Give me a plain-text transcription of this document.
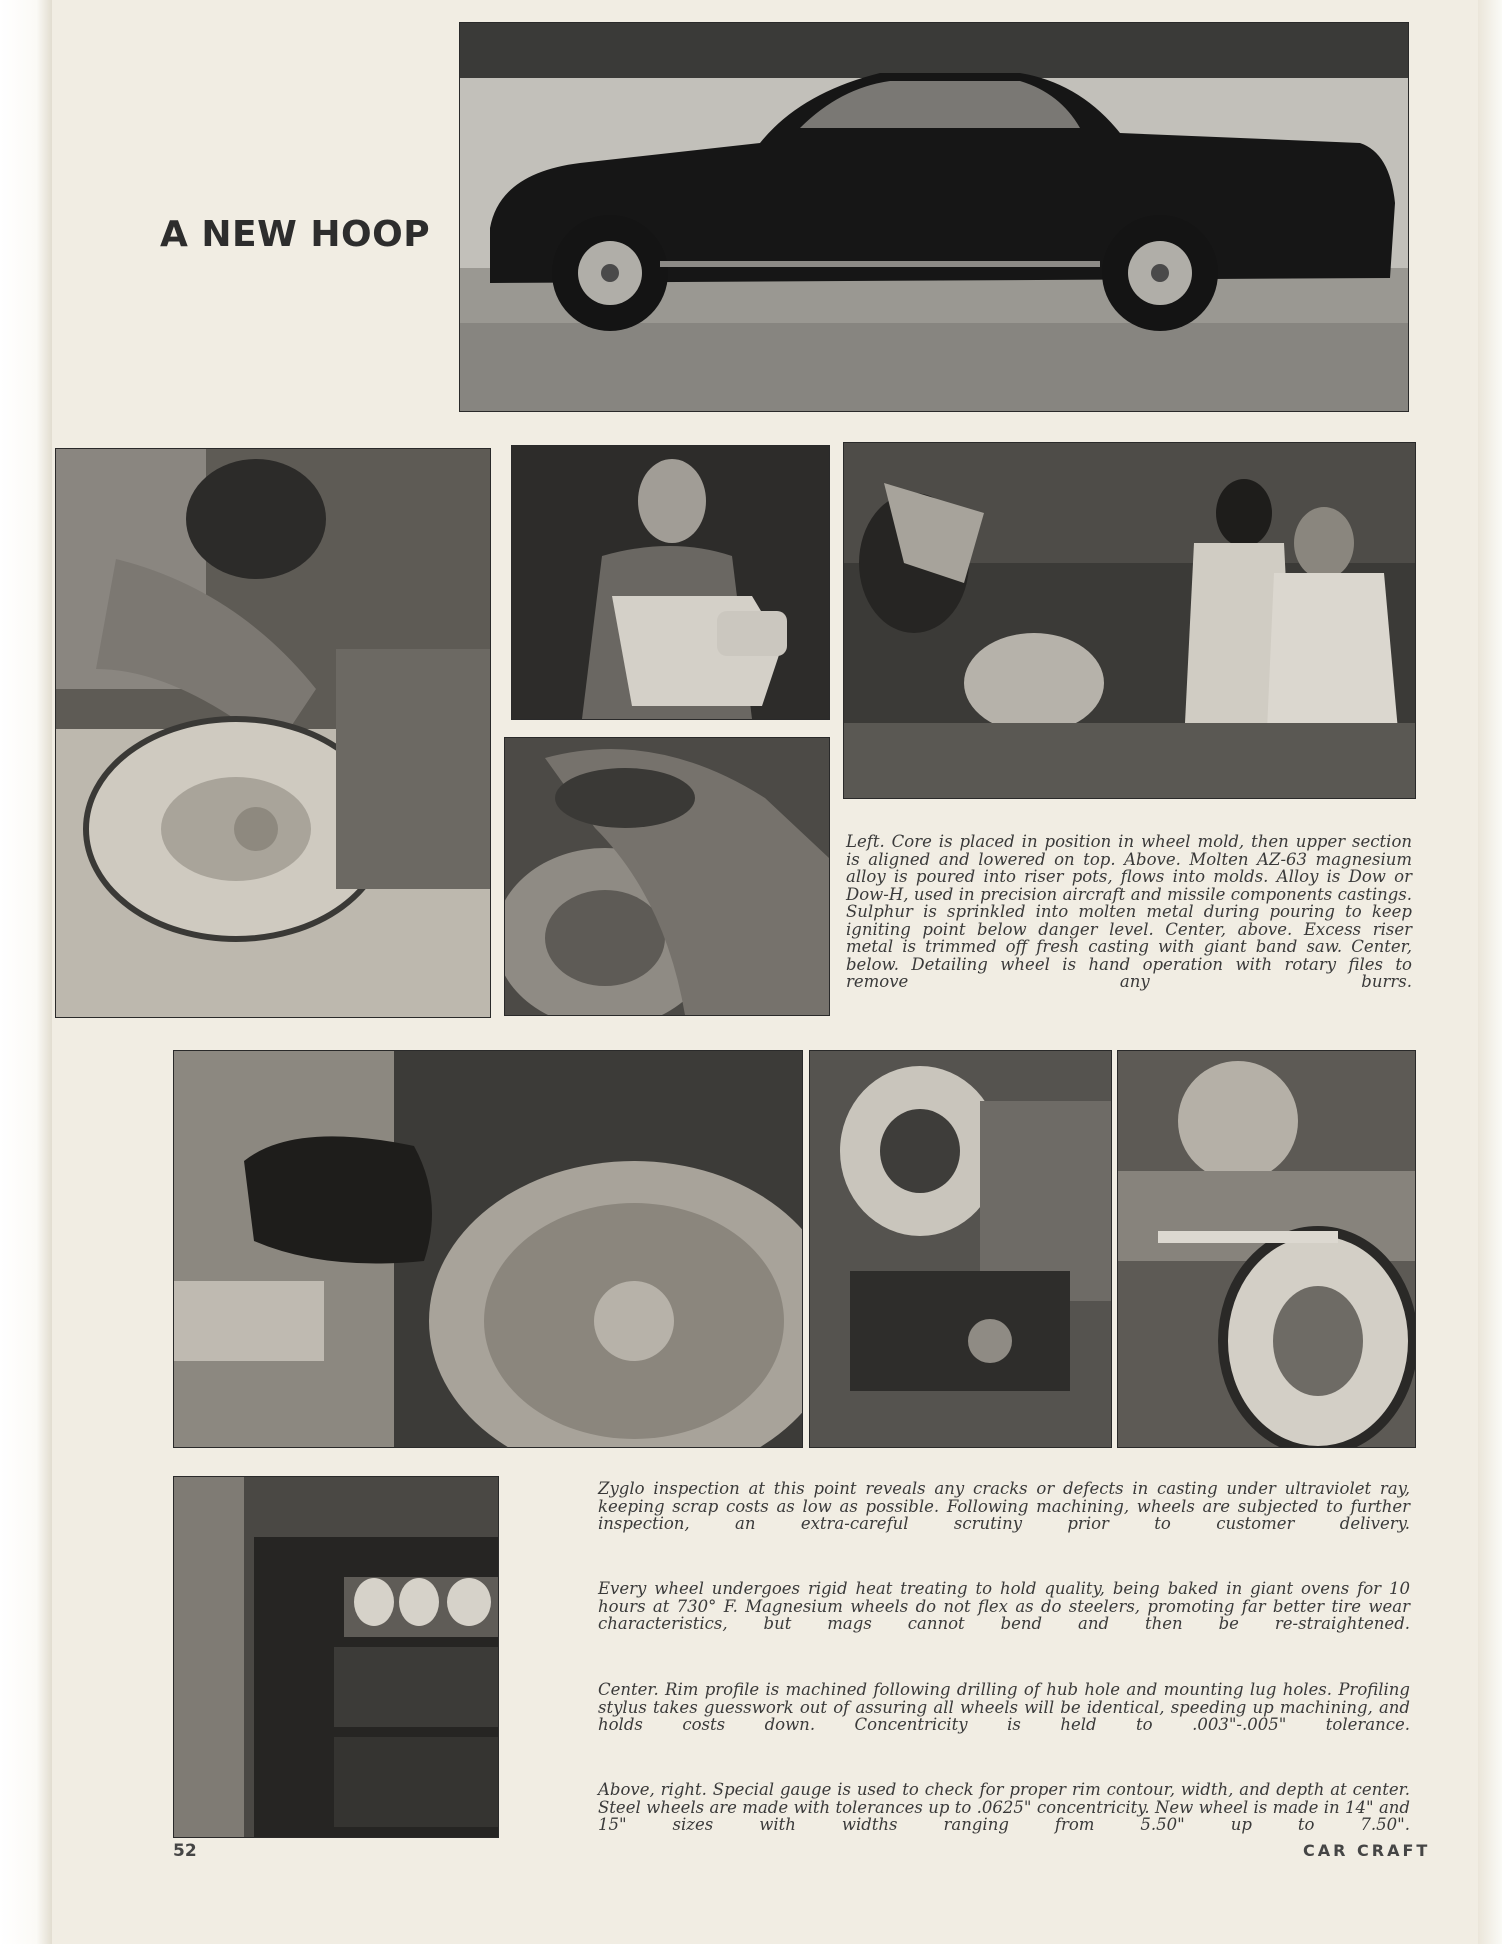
A NEW HOOP

Left. Core is placed in position in wheel mold, then upper section is aligned and lowered on top. Above. Molten AZ-63 magnesium alloy is poured into riser pots, flows into molds. Alloy is Dow or Dow-H, used in precision aircraft and missile components castings. Sulphur is sprinkled into molten metal during pouring to keep igniting point below danger level. Center, above. Excess riser metal is trimmed off fresh casting with giant band saw. Center, below. Detailing wheel is hand operation with rotary files to remove any burrs.

Zyglo inspection at this point reveals any cracks or defects in casting under ultraviolet ray, keeping scrap costs as low as possible. Following machining, wheels are subjected to further inspection, an extra-careful scrutiny prior to customer delivery.

Every wheel undergoes rigid heat treating to hold quality, being baked in giant ovens for 10 hours at 730° F. Magnesium wheels do not flex as do steelers, promoting far better tire wear characteristics, but mags cannot bend and then be re-straightened.

Center. Rim profile is machined following drilling of hub hole and mounting lug holes. Profiling stylus takes guesswork out of assuring all wheels will be identical, speeding up machining, and holds costs down. Concentricity is held to .003"-.005" tolerance.

Above, right. Special gauge is used to check for proper rim contour, width, and depth at center. Steel wheels are made with tolerances up to .0625" concentricity. New wheel is made in 14" and 15" sizes with widths ranging from 5.50" up to 7.50".

52	CAR CRAFT
